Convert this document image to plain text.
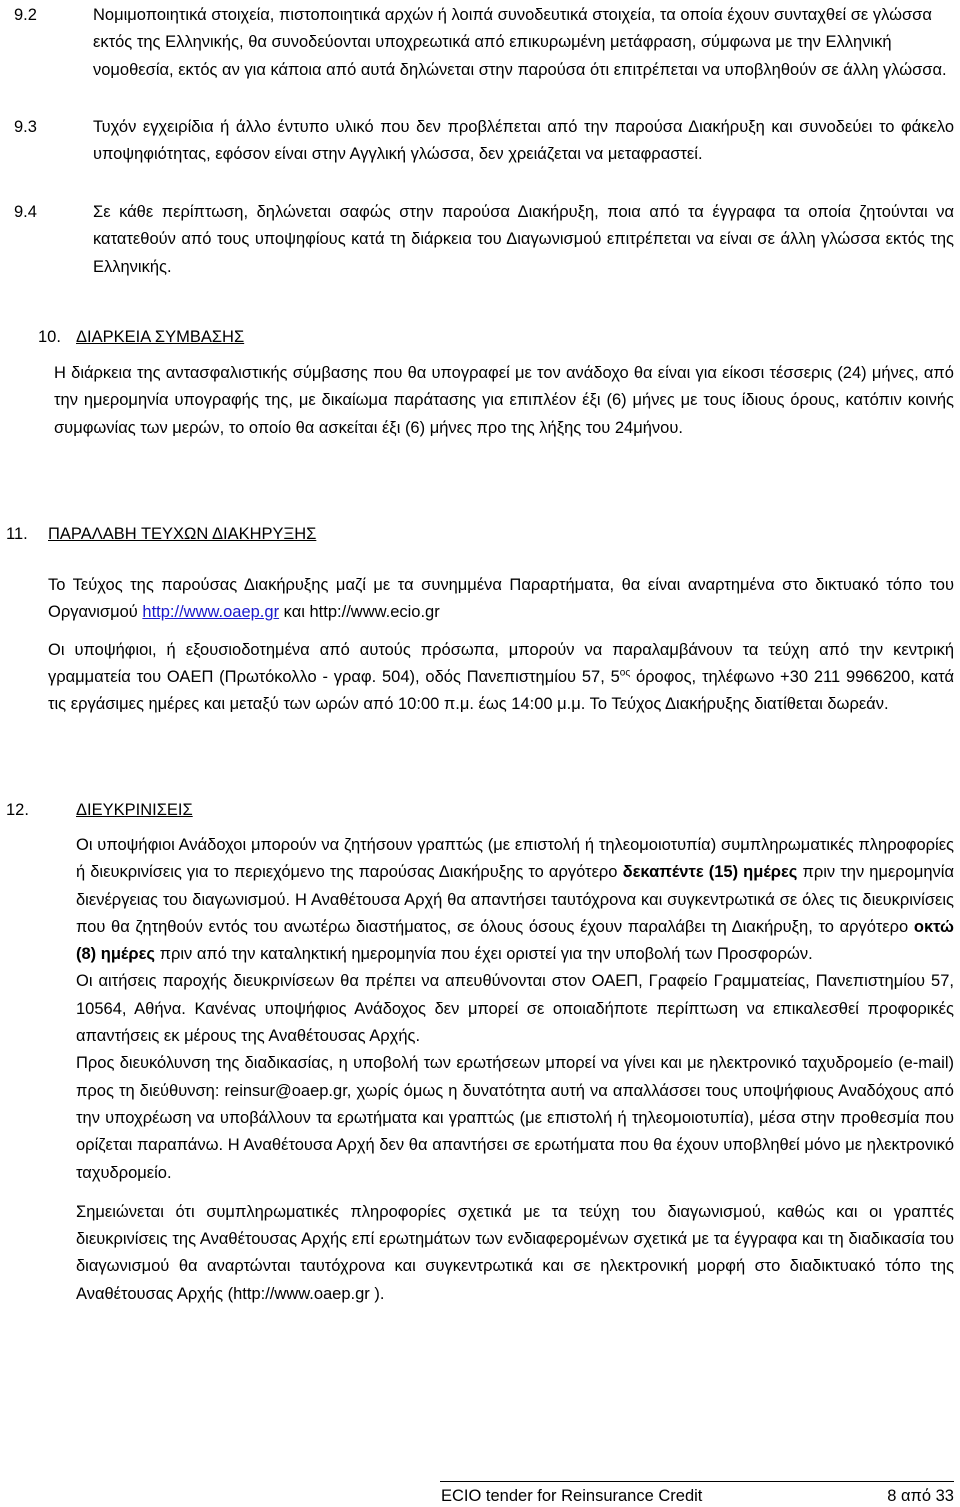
9.2	Νομιμοποιητικά στοιχεία, πιστοποιητικά αρχών ή λοιπά συνοδευτικά στοιχεία, τα οποία έχουν συνταχθεί σε γλώσσα εκτός της Ελληνικής, θα συνοδεύονται υποχρεωτικά από επικυρωμένη μετάφραση, σύμφωνα με την Ελληνική νομοθεσία, εκτός αν για κάποια από αυτά δηλώνεται στην παρούσα ότι επιτρέπεται να υποβληθούν σε άλλη γλώσσα.
9.3	Τυχόν εγχειρίδια ή άλλο έντυπο υλικό που δεν προβλέπεται από την παρούσα Διακήρυξη και συνοδεύει το φάκελο υποψηφιότητας, εφόσον είναι στην Αγγλική γλώσσα, δεν χρειάζεται να μεταφραστεί.
9.4	Σε κάθε περίπτωση, δηλώνεται σαφώς στην παρούσα Διακήρυξη, ποια από τα έγγραφα τα οποία ζητούνται να κατατεθούν από τους υποψηφίους κατά τη διάρκεια του Διαγωνισμού επιτρέπεται να είναι σε άλλη γλώσσα εκτός της Ελληνικής.
10. ΔΙΑΡΚΕΙΑ ΣΥΜΒΑΣΗΣ

Η διάρκεια της αντασφαλιστικής σύμβασης που θα υπογραφεί με τον ανάδοχο θα είναι για είκοσι τέσσερις (24) μήνες, από την ημερομηνία υπογραφής της, με δικαίωμα παράτασης για επιπλέον έξι (6) μήνες με τους ίδιους όρους, κατόπιν κοινής συμφωνίας των μερών, το οποίο θα ασκείται έξι (6) μήνες προ της λήξης του 24μήνου.

11. ΠΑΡΑΛΑΒΗ ΤΕΥΧΩΝ ΔΙΑΚΗΡΥΞΗΣ

Το Τεύχος της παρούσας Διακήρυξης μαζί με τα συνημμένα Παραρτήματα, θα είναι αναρτημένα στο δικτυακό τόπο του Οργανισμού http://www.oaep.gr και http://www.ecio.gr

Οι υποψήφιοι, ή εξουσιοδοτημένα από αυτούς πρόσωπα, μπορούν να παραλαμβάνουν τα τεύχη από την κεντρική γραμματεία του ΟΑΕΠ (Πρωτόκολλο - γραφ. 504), οδός Πανεπιστημίου 57, $5^{o\varsigma}$ όροφος, τηλέφωνο +30 211 9966200, κατά τις εργάσιμες ημέρες και μεταξύ των ωρών από 10:00 π.μ. έως 14:00 μ.μ. Το Τεύχος Διακήρυξης διατίθεται δωρεάν.

12.	ΔΙΕΥΚΡΙΝΙΣΕΙΣ

Οι υποψήφιοι Ανάδοχοι μπορούν να ζητήσουν γραπτώς (με επιστολή ή τηλεομοιοτυπία) συμπληρωματικές πληροφορίες ή διευκρινίσεις για το περιεχόμενο της παρούσας Διακήρυξης το αργότερο δεκαπέντε (15) ημέρες πριν την ημερομηνία διενέργειας του διαγωνισμού. Η Αναθέτουσα Αρχή θα απαντήσει ταυτόχρονα και συγκεντρωτικά σε όλες τις διευκρινίσεις που θα ζητηθούν εντός του ανωτέρω διαστήματος, σε όλους όσους έχουν παραλάβει τη Διακήρυξη, το αργότερο οκτώ (8) ημέρες πριν από την καταληκτική ημερομηνία που έχει οριστεί για την υποβολή των Προσφορών.

Οι αιτήσεις παροχής διευκρινίσεων θα πρέπει να απευθύνονται στον ΟΑΕΠ, Γραφείο Γραμματείας, Πανεπιστημίου 57, 10564, Αθήνα. Κανένας υποψήφιος Ανάδοχος δεν μπορεί σε οποιαδήποτε περίπτωση να επικαλεσθεί προφορικές απαντήσεις εκ μέρους της Αναθέτουσας Αρχής.

Προς διευκόλυνση της διαδικασίας, η υποβολή των ερωτήσεων μπορεί να γίνει και με ηλεκτρονικό ταχυδρομείο (e-mail) προς τη διεύθυνση: reinsur@oaep.gr, χωρίς όμως η δυνατότητα αυτή να απαλλάσσει τους υποψήφιους Αναδόχους από την υποχρέωση να υποβάλλουν τα ερωτήματα και γραπτώς (με επιστολή ή τηλεομοιοτυπία), μέσα στην προθεσμία που ορίζεται παραπάνω. Η Αναθέτουσα Αρχή δεν θα απαντήσει σε ερωτήματα που θα έχουν υποβληθεί μόνο με ηλεκτρονικό ταχυδρομείο.

Σημειώνεται ότι συμπληρωματικές πληροφορίες σχετικά με τα τεύχη του διαγωνισμού, καθώς και οι γραπτές διευκρινίσεις της Αναθέτουσας Αρχής επί ερωτημάτων των ενδιαφερομένων σχετικά με τα έγγραφα και τη διαδικασία του διαγωνισμού θα αναρτώνται ταυτόχρονα και συγκεντρωτικά και σε ηλεκτρονική μορφή στο διαδικτυακό τόπο της Αναθέτουσας Αρχής (http://www.oaep.gr ).

ECIO tender for Reinsurance Credit	8 από 33
